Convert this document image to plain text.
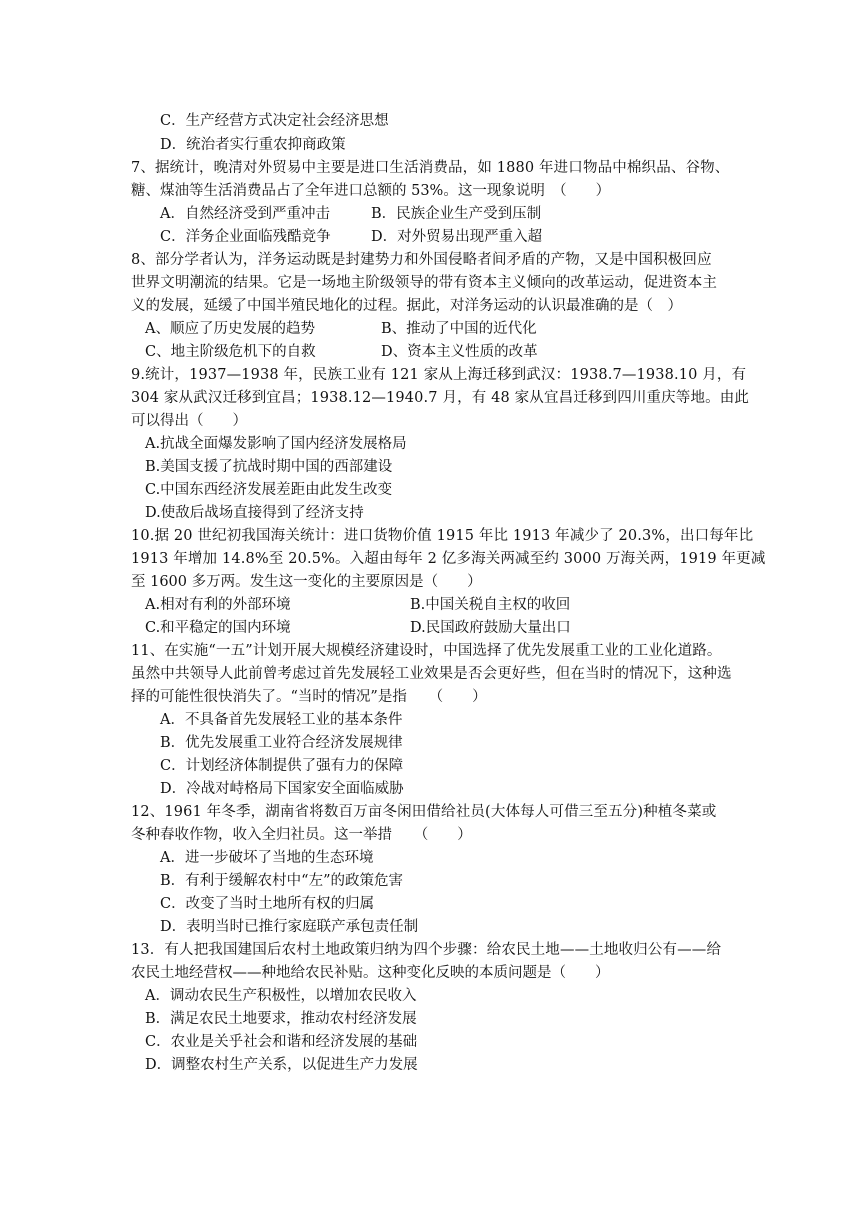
C．生产经营方式决定社会经济思想
D．统治者实行重农抑商政策
7、据统计，晚清对外贸易中主要是进口生活消费品，如 1880 年进口物品中棉织品、谷物、
糖、煤油等生活消费品占了全年进口总额的 53%。这一现象说明　（　　）
A．自然经济受到严重冲击	B．民族企业生产受到压制
C．洋务企业面临残酷竞争	D．对外贸易出现严重入超
8、部分学者认为，洋务运动既是封建势力和外国侵略者间矛盾的产物，又是中国积极回应
世界文明潮流的结果。它是一场地主阶级领导的带有资本主义倾向的改革运动，促进资本主
义的发展，延缓了中国半殖民地化的过程。据此，对洋务运动的认识最准确的是（　）
A、顺应了历史发展的趋势	B、推动了中国的近代化
C、地主阶级危机下的自救	D、资本主义性质的改革
9.统计，1937—1938 年，民族工业有 121 家从上海迁移到武汉：1938.7—1938.10 月，有
304 家从武汉迁移到宜昌；1938.12—1940.7 月，有 48 家从宜昌迁移到四川重庆等地。由此
可以得出（　　）
A.抗战全面爆发影响了国内经济发展格局
B.美国支援了抗战时期中国的西部建设
C.中国东西经济发展差距由此发生改变
D.使敌后战场直接得到了经济支持
10.据 20 世纪初我国海关统计：进口货物价值 1915 年比 1913 年减少了 20.3%，出口每年比
1913 年增加 14.8%至 20.5%。入超由每年 2 亿多海关两减至约 3000 万海关两，1919 年更减
至 1600 多万两。发生这一变化的主要原因是（　　）
A.相对有利的外部环境	B.中国关税自主权的收回
C.和平稳定的国内环境	D.民国政府鼓励大量出口
11、在实施“一五”计划开展大规模经济建设时，中国选择了优先发展重工业的工业化道路。
虽然中共领导人此前曾考虑过首先发展轻工业效果是否会更好些，但在当时的情况下，这种选
择的可能性很快消失了。“当时的情况”是指　　（　　）
A．不具备首先发展轻工业的基本条件
B．优先发展重工业符合经济发展规律
C．计划经济体制提供了强有力的保障
D．冷战对峙格局下国家安全面临威胁
12、1961 年冬季，湖南省将数百万亩冬闲田借给社员(大体每人可借三至五分)种植冬菜或
冬种春收作物，收入全归社员。这一举措　　（　　）
A．进一步破坏了当地的生态环境
B．有利于缓解农村中“左”的政策危害
C．改变了当时土地所有权的归属
D．表明当时已推行家庭联产承包责任制
13．有人把我国建国后农村土地政策归纳为四个步骤：给农民土地——土地收归公有——给
农民土地经营权——种地给农民补贴。这种变化反映的本质问题是（　　）
A．调动农民生产积极性，以增加农民收入
B．满足农民土地要求，推动农村经济发展
C．农业是关乎社会和谐和经济发展的基础
D．调整农村生产关系，以促进生产力发展
